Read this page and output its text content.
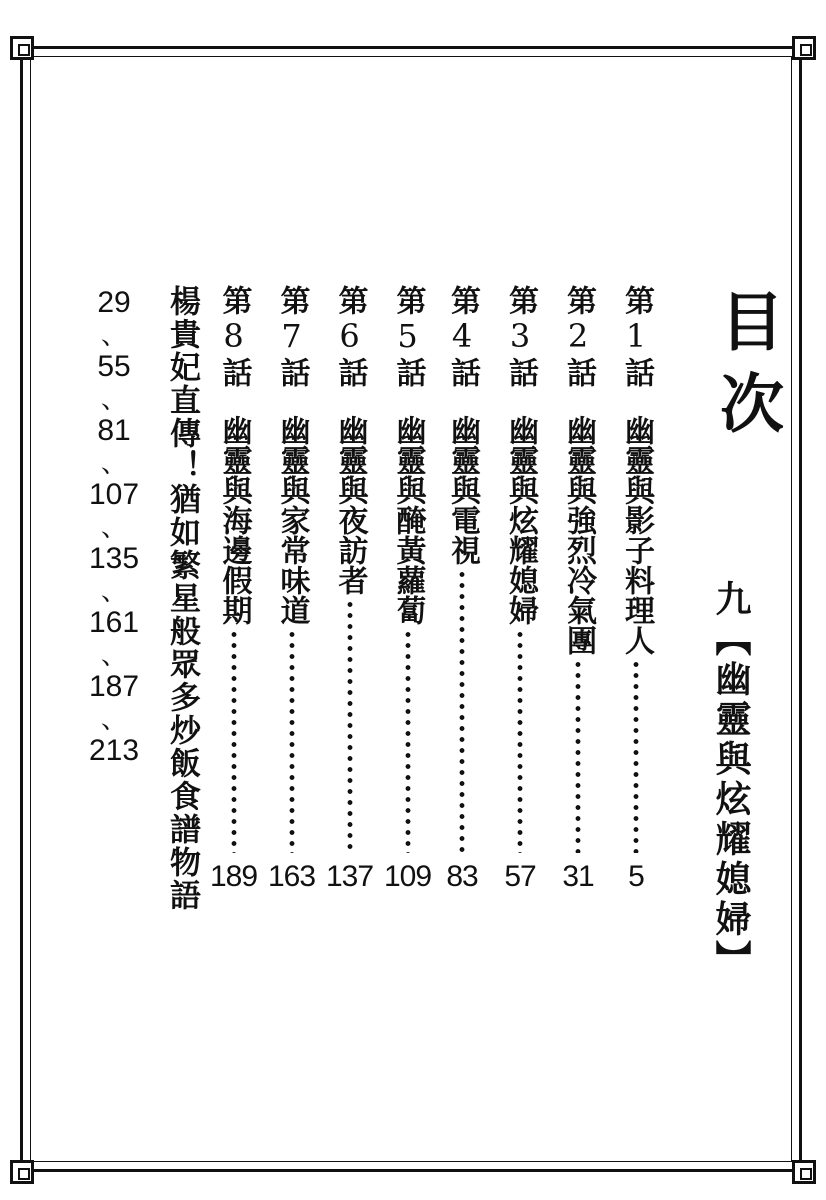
目次
九【幽靈與炫耀媳婦】
第
1
話
幽靈與影子料理人
5
第
2
話
幽靈與強烈冷氣團
31
第
3
話
幽靈與炫耀媳婦
57
第
4
話
幽靈與電視
83
第
5
話
幽靈與醃黃蘿蔔
109
第
6
話
幽靈與夜訪者
137
第
7
話
幽靈與家常味道
163
第
8
話
幽靈與海邊假期
189
楊貴妃直傳！猶如繁星般眾多炒飯食譜物語
29
、
55
、
81
、
107
、
135
、
161
、
187
、
213
